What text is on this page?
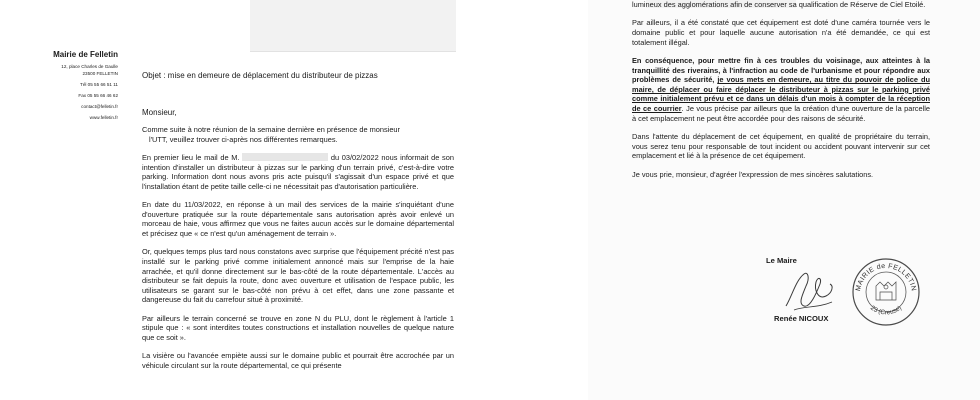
Mairie de Felletin
12, place Charles de Gaulle
23500 FELLETIN
Tél 05 55 66 51 11
Fax 05 55 66 46 62
contact@felletin.fr
www.felletin.fr
Objet : mise en demeure de déplacement du distributeur de pizzas
Monsieur,

Comme suite à notre réunion de la semaine dernière en présence de monsieur
l'UTT, veuillez trouver ci-après nos différentes remarques.

En premier lieu le mail de M.	du 03/02/2022 nous informait de son intention d'installer un distributeur à pizzas sur le parking d'un terrain privé, c'est-à-dire votre parking. Information dont nous avons pris acte puisqu'il s'agissait d'un espace privé et que l'installation étant de petite taille celle-ci ne nécessitait pas d'autorisation particulière.

En date du 11/03/2022, en réponse à un mail des services de la mairie s'inquiétant d'une d'ouverture pratiquée sur la route départementale sans autorisation après avoir enlevé un morceau de haie, vous affirmez que vous ne faites aucun accès sur le domaine départemental et précisez que « ce n'est qu'un aménagement de terrain ».

Or, quelques temps plus tard nous constatons avec surprise que l'équipement précité n'est pas installé sur le parking privé comme initialement annoncé mais sur l'emprise de la haie arrachée, et qu'il donne directement sur le bas-côté de la route départementale. L'accès au distributeur se fait depuis la route, donc avec ouverture et utilisation de l'espace public, les utilisateurs se garant sur le bas-côté non prévu à cet effet, dans une zone passante et dangereuse du fait du carrefour situé à proximité.

Par ailleurs le terrain concerné se trouve en zone N du PLU, dont le règlement à l'article 1 stipule que : « sont interdites toutes constructions et installation nouvelles de quelque nature que ce soit ».

La visière ou l'avancée empiète aussi sur le domaine public et pourrait être accrochée par un véhicule circulant sur la route départemental, ce qui présente

lumineux des agglomérations afin de conserver sa qualification de Réserve de Ciel Etoilé.

Par ailleurs, il a été constaté que cet équipement est doté d'une caméra tournée vers le domaine public et pour laquelle aucune autorisation n'a été demandée, ce qui est totalement illégal.

En conséquence, pour mettre fin à ces troubles du voisinage, aux atteintes à la tranquillité des riverains, à l'infraction au code de l'urbanisme et pour répondre aux problèmes de sécurité, je vous mets en demeure, au titre du pouvoir de police du maire, de déplacer ou faire déplacer le distributeur à pizzas sur le parking privé comme initialement prévu et ce dans un délais d'un mois à compter de la réception de ce courrier. Je vous précise par ailleurs que la création d'une ouverture de la parcelle à cet emplacement ne peut être accordée pour des raisons de sécurité.

Dans l'attente du déplacement de cet équipement, en qualité de propriétaire du terrain, vous serez tenu pour responsable de tout incident ou accident pouvant intervenir sur cet emplacement et lié à la présence de cet équipement.

Je vous prie, monsieur, d'agréer l'expression de mes sincères salutations.

Le Maire
Renée NICOUX
MAIRIE de FELLETIN
23 (Creuse)
